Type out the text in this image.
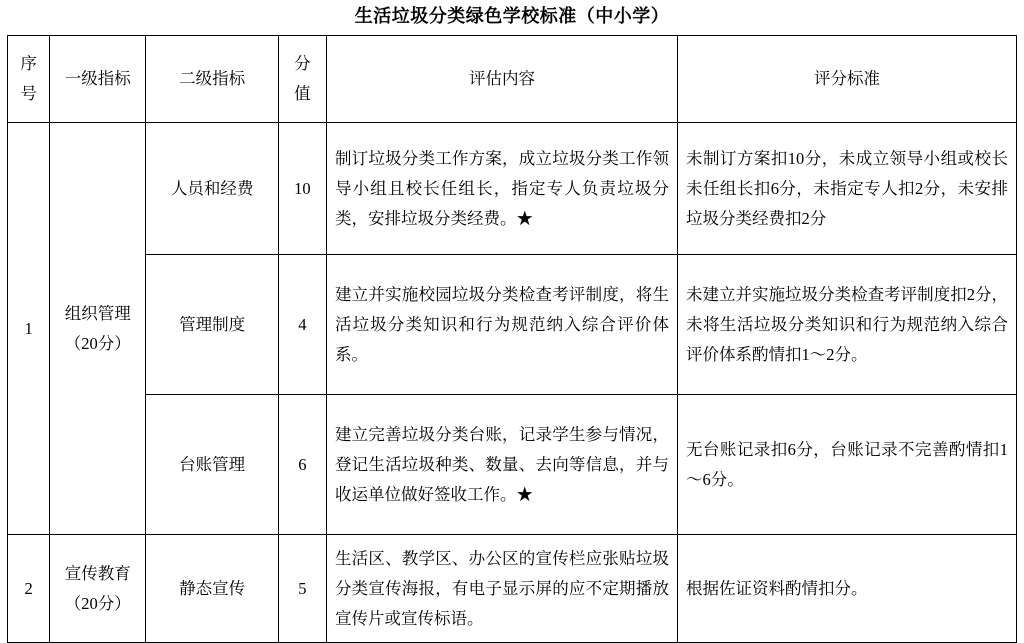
生活垃圾分类绿色学校标准（中小学）
序号	一级指标	二级指标	分值	评估内容	评分标准
1	组织管理（20分）	人员和经费	10	制订垃圾分类工作方案，成立垃圾分类工作领导小组且校长任组长，指定专人负责垃圾分类，安排垃圾分类经费。★	未制订方案扣10分，未成立领导小组或校长未任组长扣6分，未指定专人扣2分，未安排垃圾分类经费扣2分
		管理制度	4	建立并实施校园垃圾分类检查考评制度，将生活垃圾分类知识和行为规范纳入综合评价体系。	未建立并实施垃圾分类检查考评制度扣2分，未将生活垃圾分类知识和行为规范纳入综合评价体系酌情扣1～2分。
		台账管理	6	建立完善垃圾分类台账，记录学生参与情况，登记生活垃圾种类、数量、去向等信息，并与收运单位做好签收工作。★	无台账记录扣6分，台账记录不完善酌情扣1～6分。
2	宣传教育（20分）	静态宣传	5	生活区、教学区、办公区的宣传栏应张贴垃圾分类宣传海报，有电子显示屏的应不定期播放宣传片或宣传标语。	根据佐证资料酌情扣分。
